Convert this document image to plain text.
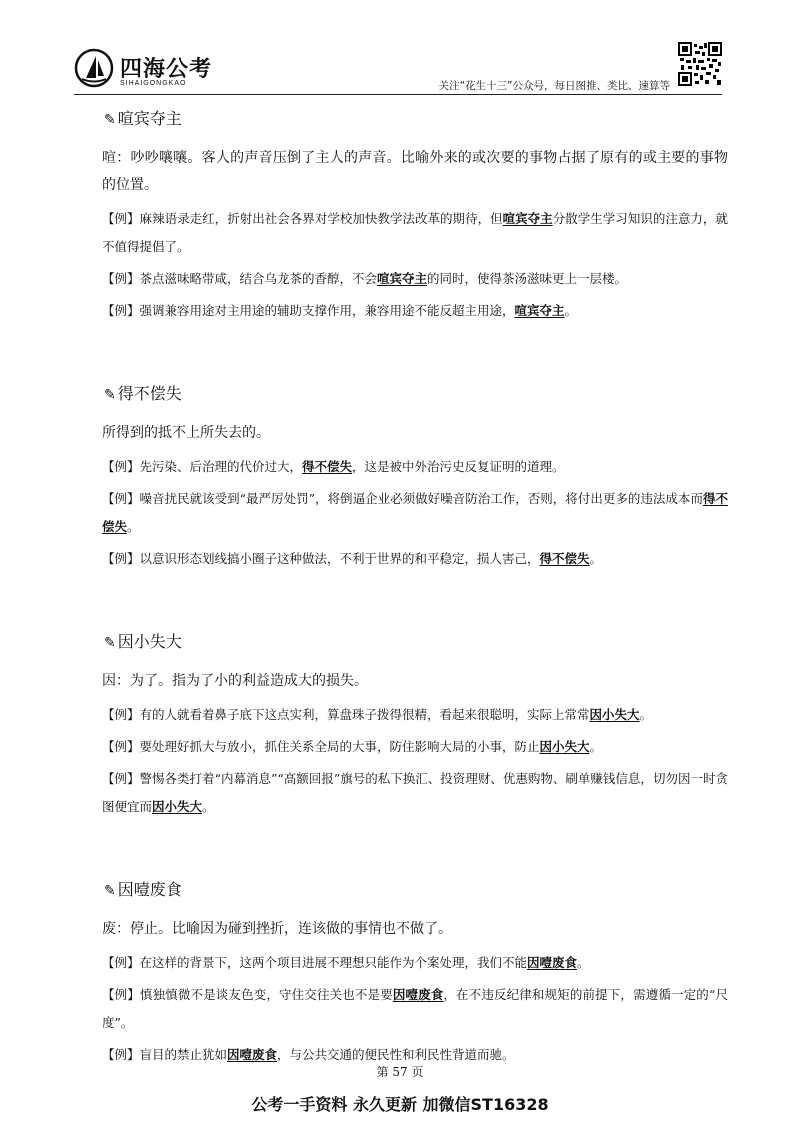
四海公考
SIHAIGONGKAO	关注“花生十三”公众号，每日图推、类比、速算等
✎ 喧宾夺主

喧：吵吵嚷嚷。客人的声音压倒了主人的声音。比喻外来的或次要的事物占据了原有的或主要的事物的位置。

【例】麻辣语录走红，折射出社会各界对学校加快教学法改革的期待，但喧宾夺主分散学生学习知识的注意力，就不值得提倡了。

【例】茶点滋味略带咸，结合乌龙茶的香醇，不会喧宾夺主的同时，使得茶汤滋味更上一层楼。

【例】强调兼容用途对主用途的辅助支撑作用，兼容用途不能反超主用途，喧宾夺主。

✎ 得不偿失

所得到的抵不上所失去的。

【例】先污染、后治理的代价过大，得不偿失，这是被中外治污史反复证明的道理。

【例】噪音扰民就该受到“最严厉处罚”，将倒逼企业必须做好噪音防治工作，否则，将付出更多的违法成本而得不偿失。

【例】以意识形态划线搞小圈子这种做法，不利于世界的和平稳定，损人害己，得不偿失。

✎ 因小失大

因：为了。指为了小的利益造成大的损失。

【例】有的人就看着鼻子底下这点实利，算盘珠子拨得很精，看起来很聪明，实际上常常因小失大。

【例】要处理好抓大与放小，抓住关系全局的大事，防住影响大局的小事，防止因小失大。

【例】警惕各类打着“内幕消息”“高额回报”旗号的私下换汇、投资理财、优惠购物、刷单赚钱信息，切勿因一时贪图便宜而因小失大。

✎ 因噎废食

废：停止。比喻因为碰到挫折，连该做的事情也不做了。

【例】在这样的背景下，这两个项目进展不理想只能作为个案处理，我们不能因噎废食。

【例】慎独慎微不是谈友色变，守住交往关也不是要因噎废食，在不违反纪律和规矩的前提下，需遵循一定的“尺度”。

【例】盲目的禁止犹如因噎废食，与公共交通的便民性和利民性背道而驰。

第 57 页
公考一手资料 永久更新 加微信ST16328
